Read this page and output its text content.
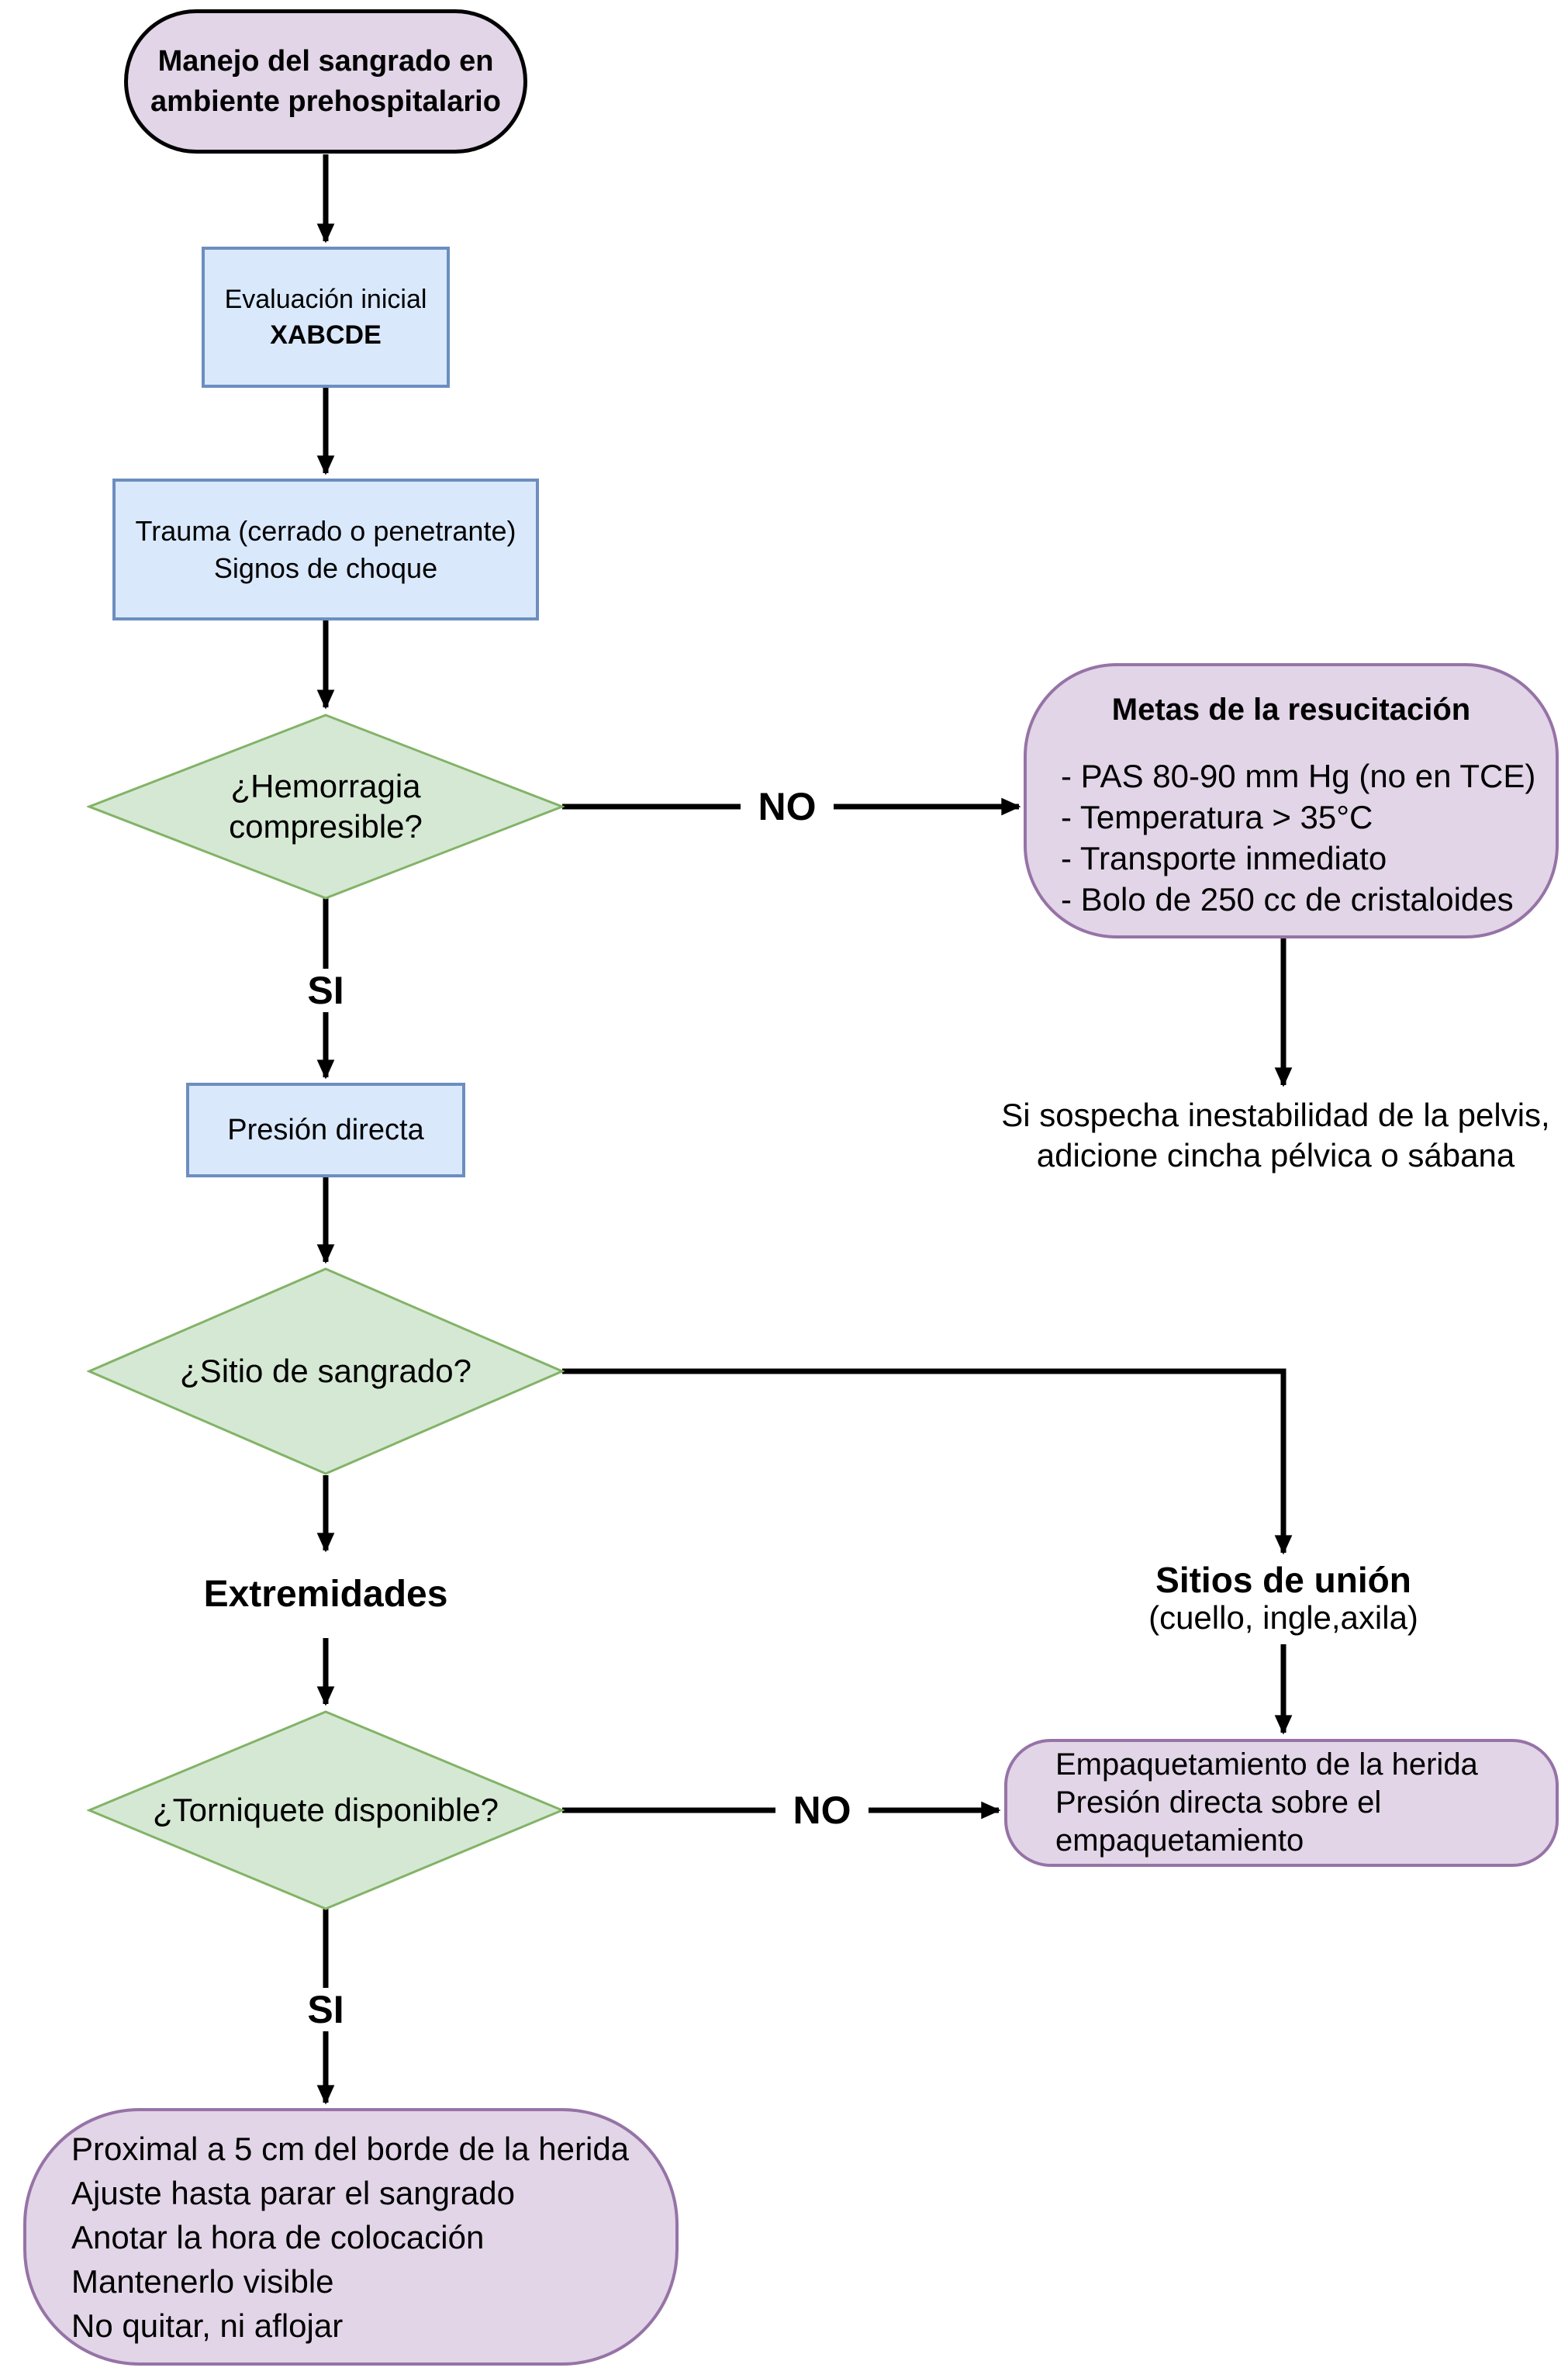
Manejo del sangrado en
ambiente prehospitalario
Evaluación inicial
XABCDE
Trauma (cerrado o penetrante)
Signos de choque
¿Hemorragia
compresible?	NO
Metas de la resucitación
- PAS 80-90 mm Hg (no en TCE)
- Temperatura > 35°C
- Transporte inmediato
- Bolo de 250 cc de cristaloides
Si sospecha inestabilidad de la pelvis,
adicione cincha pélvica o sábana
SI
Presión directa
¿Sitio de sangrado?
Extremidades	Sitios de unión
(cuello, ingle,axila)
¿Torniquete disponible?	NO
Empaquetamiento de la herida
Presión directa sobre el
empaquetamiento
SI
Proximal a 5 cm del borde de la herida
Ajuste hasta parar el sangrado
Anotar la hora de colocación
Mantenerlo visible
No quitar, ni aflojar
